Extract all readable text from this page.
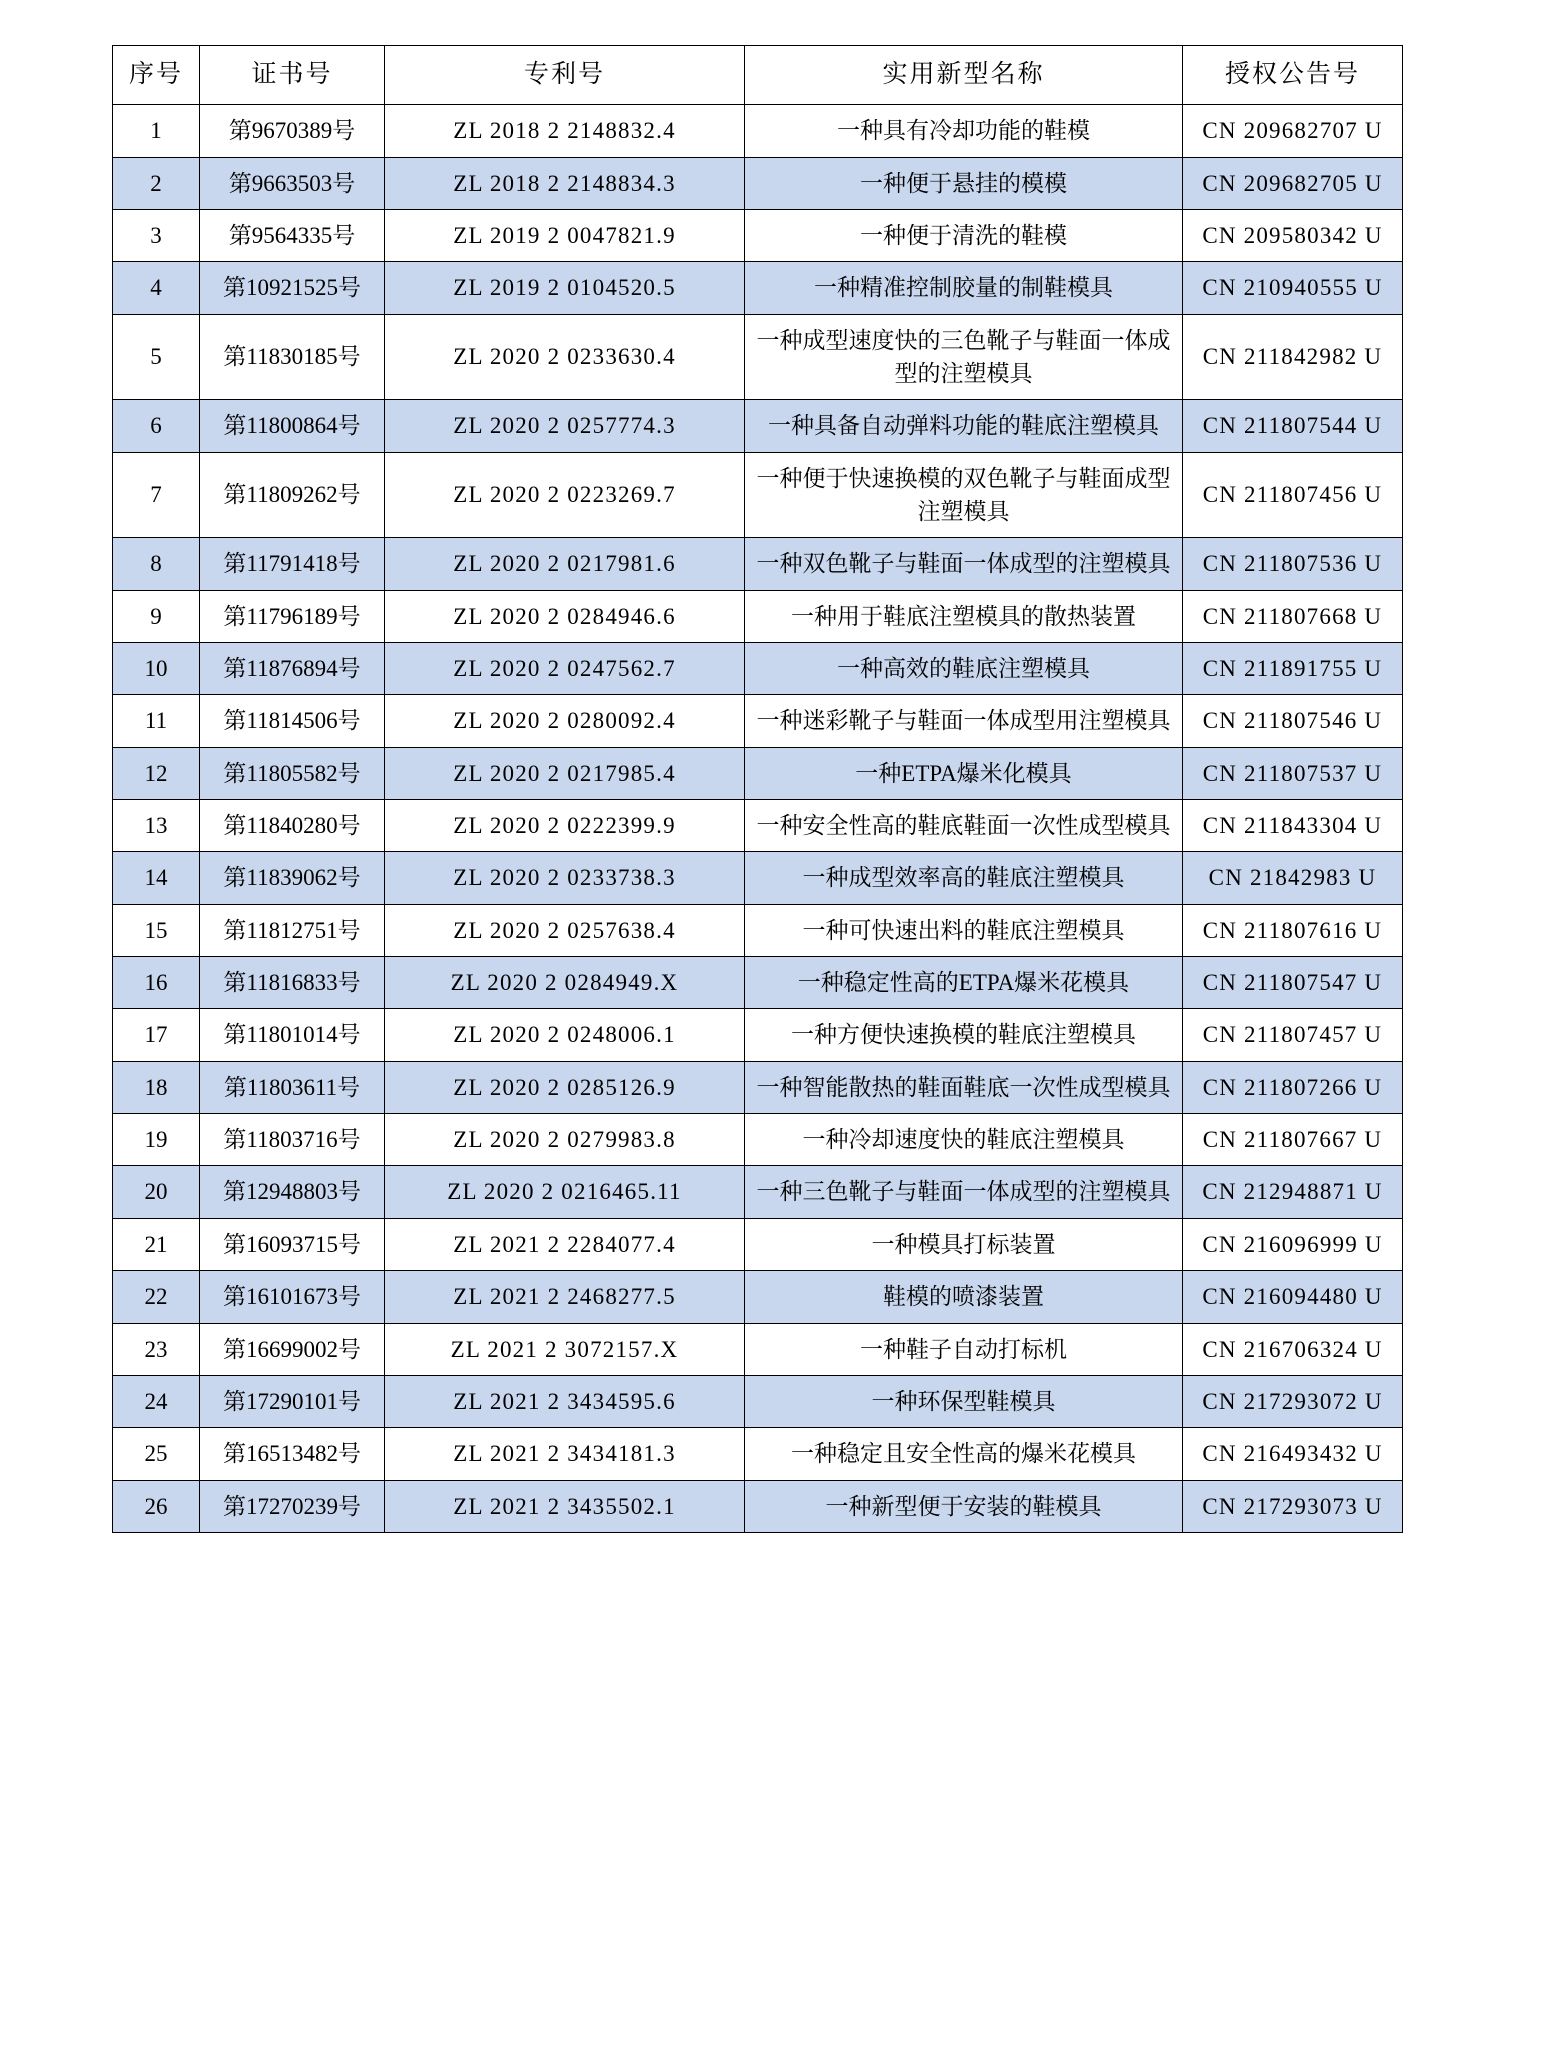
序号	证书号	专利号	实用新型名称	授权公告号
1	第9670389号	ZL 2018 2 2148832.4	一种具有冷却功能的鞋模	CN 209682707 U
2	第9663503号	ZL 2018 2 2148834.3	一种便于悬挂的模模	CN 209682705 U
3	第9564335号	ZL 2019 2 0047821.9	一种便于清洗的鞋模	CN 209580342 U
4	第10921525号	ZL 2019 2 0104520.5	一种精准控制胶量的制鞋模具	CN 210940555 U
5	第11830185号	ZL 2020 2 0233630.4	一种成型速度快的三色靴子与鞋面一体成型的注塑模具	CN 211842982 U
6	第11800864号	ZL 2020 2 0257774.3	一种具备自动弹料功能的鞋底注塑模具	CN 211807544 U
7	第11809262号	ZL 2020 2 0223269.7	一种便于快速换模的双色靴子与鞋面成型注塑模具	CN 211807456 U
8	第11791418号	ZL 2020 2 0217981.6	一种双色靴子与鞋面一体成型的注塑模具	CN 211807536 U
9	第11796189号	ZL 2020 2 0284946.6	一种用于鞋底注塑模具的散热装置	CN 211807668 U
10	第11876894号	ZL 2020 2 0247562.7	一种高效的鞋底注塑模具	CN 211891755 U
11	第11814506号	ZL 2020 2 0280092.4	一种迷彩靴子与鞋面一体成型用注塑模具	CN 211807546 U
12	第11805582号	ZL 2020 2 0217985.4	一种ETPA爆米化模具	CN 211807537 U
13	第11840280号	ZL 2020 2 0222399.9	一种安全性高的鞋底鞋面一次性成型模具	CN 211843304 U
14	第11839062号	ZL 2020 2 0233738.3	一种成型效率高的鞋底注塑模具	CN 21842983 U
15	第11812751号	ZL 2020 2 0257638.4	一种可快速出料的鞋底注塑模具	CN 211807616 U
16	第11816833号	ZL 2020 2 0284949.X	一种稳定性高的ETPA爆米花模具	CN 211807547 U
17	第11801014号	ZL 2020 2 0248006.1	一种方便快速换模的鞋底注塑模具	CN 211807457 U
18	第11803611号	ZL 2020 2 0285126.9	一种智能散热的鞋面鞋底一次性成型模具	CN 211807266 U
19	第11803716号	ZL 2020 2 0279983.8	一种冷却速度快的鞋底注塑模具	CN 211807667 U
20	第12948803号	ZL 2020 2 0216465.11	一种三色靴子与鞋面一体成型的注塑模具	CN 212948871 U
21	第16093715号	ZL 2021 2 2284077.4	一种模具打标装置	CN 216096999 U
22	第16101673号	ZL 2021 2 2468277.5	鞋模的喷漆装置	CN 216094480 U
23	第16699002号	ZL 2021 2 3072157.X	一种鞋子自动打标机	CN 216706324 U
24	第17290101号	ZL 2021 2 3434595.6	一种环保型鞋模具	CN 217293072 U
25	第16513482号	ZL 2021 2 3434181.3	一种稳定且安全性高的爆米花模具	CN 216493432 U
26	第17270239号	ZL 2021 2 3435502.1	一种新型便于安装的鞋模具	CN 217293073 U
